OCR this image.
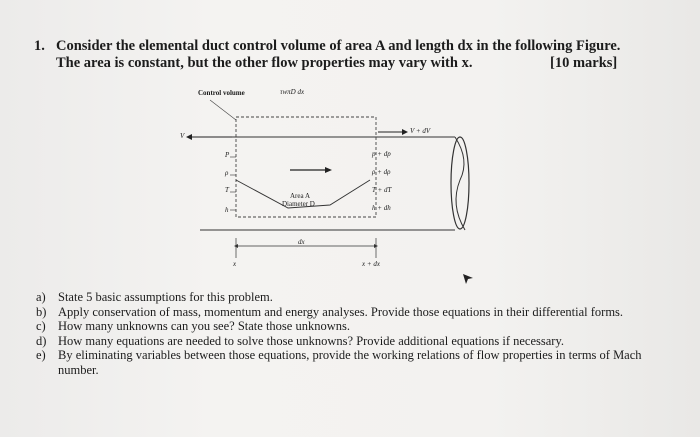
1. Consider the elemental duct control volume of area A and length dx in the following Figure.
The area is constant, but the other flow properties may vary with x.	[10 marks]
Control volume	τwπD dx
V
P
ρ
T
h
V + dV
p + dp
ρ + dρ
T + dT
h + dh
Area A
Diameter D
dx
x	x + dx
a) State 5 basic assumptions for this problem.
b) Apply conservation of mass, momentum and energy analyses. Provide those equations in their differential forms.
c) How many unknowns can you see? State those unknowns.
d) How many equations are needed to solve those unknowns? Provide additional equations if necessary.
e) By eliminating variables between those equations, provide the working relations of flow properties in terms of Mach number.
